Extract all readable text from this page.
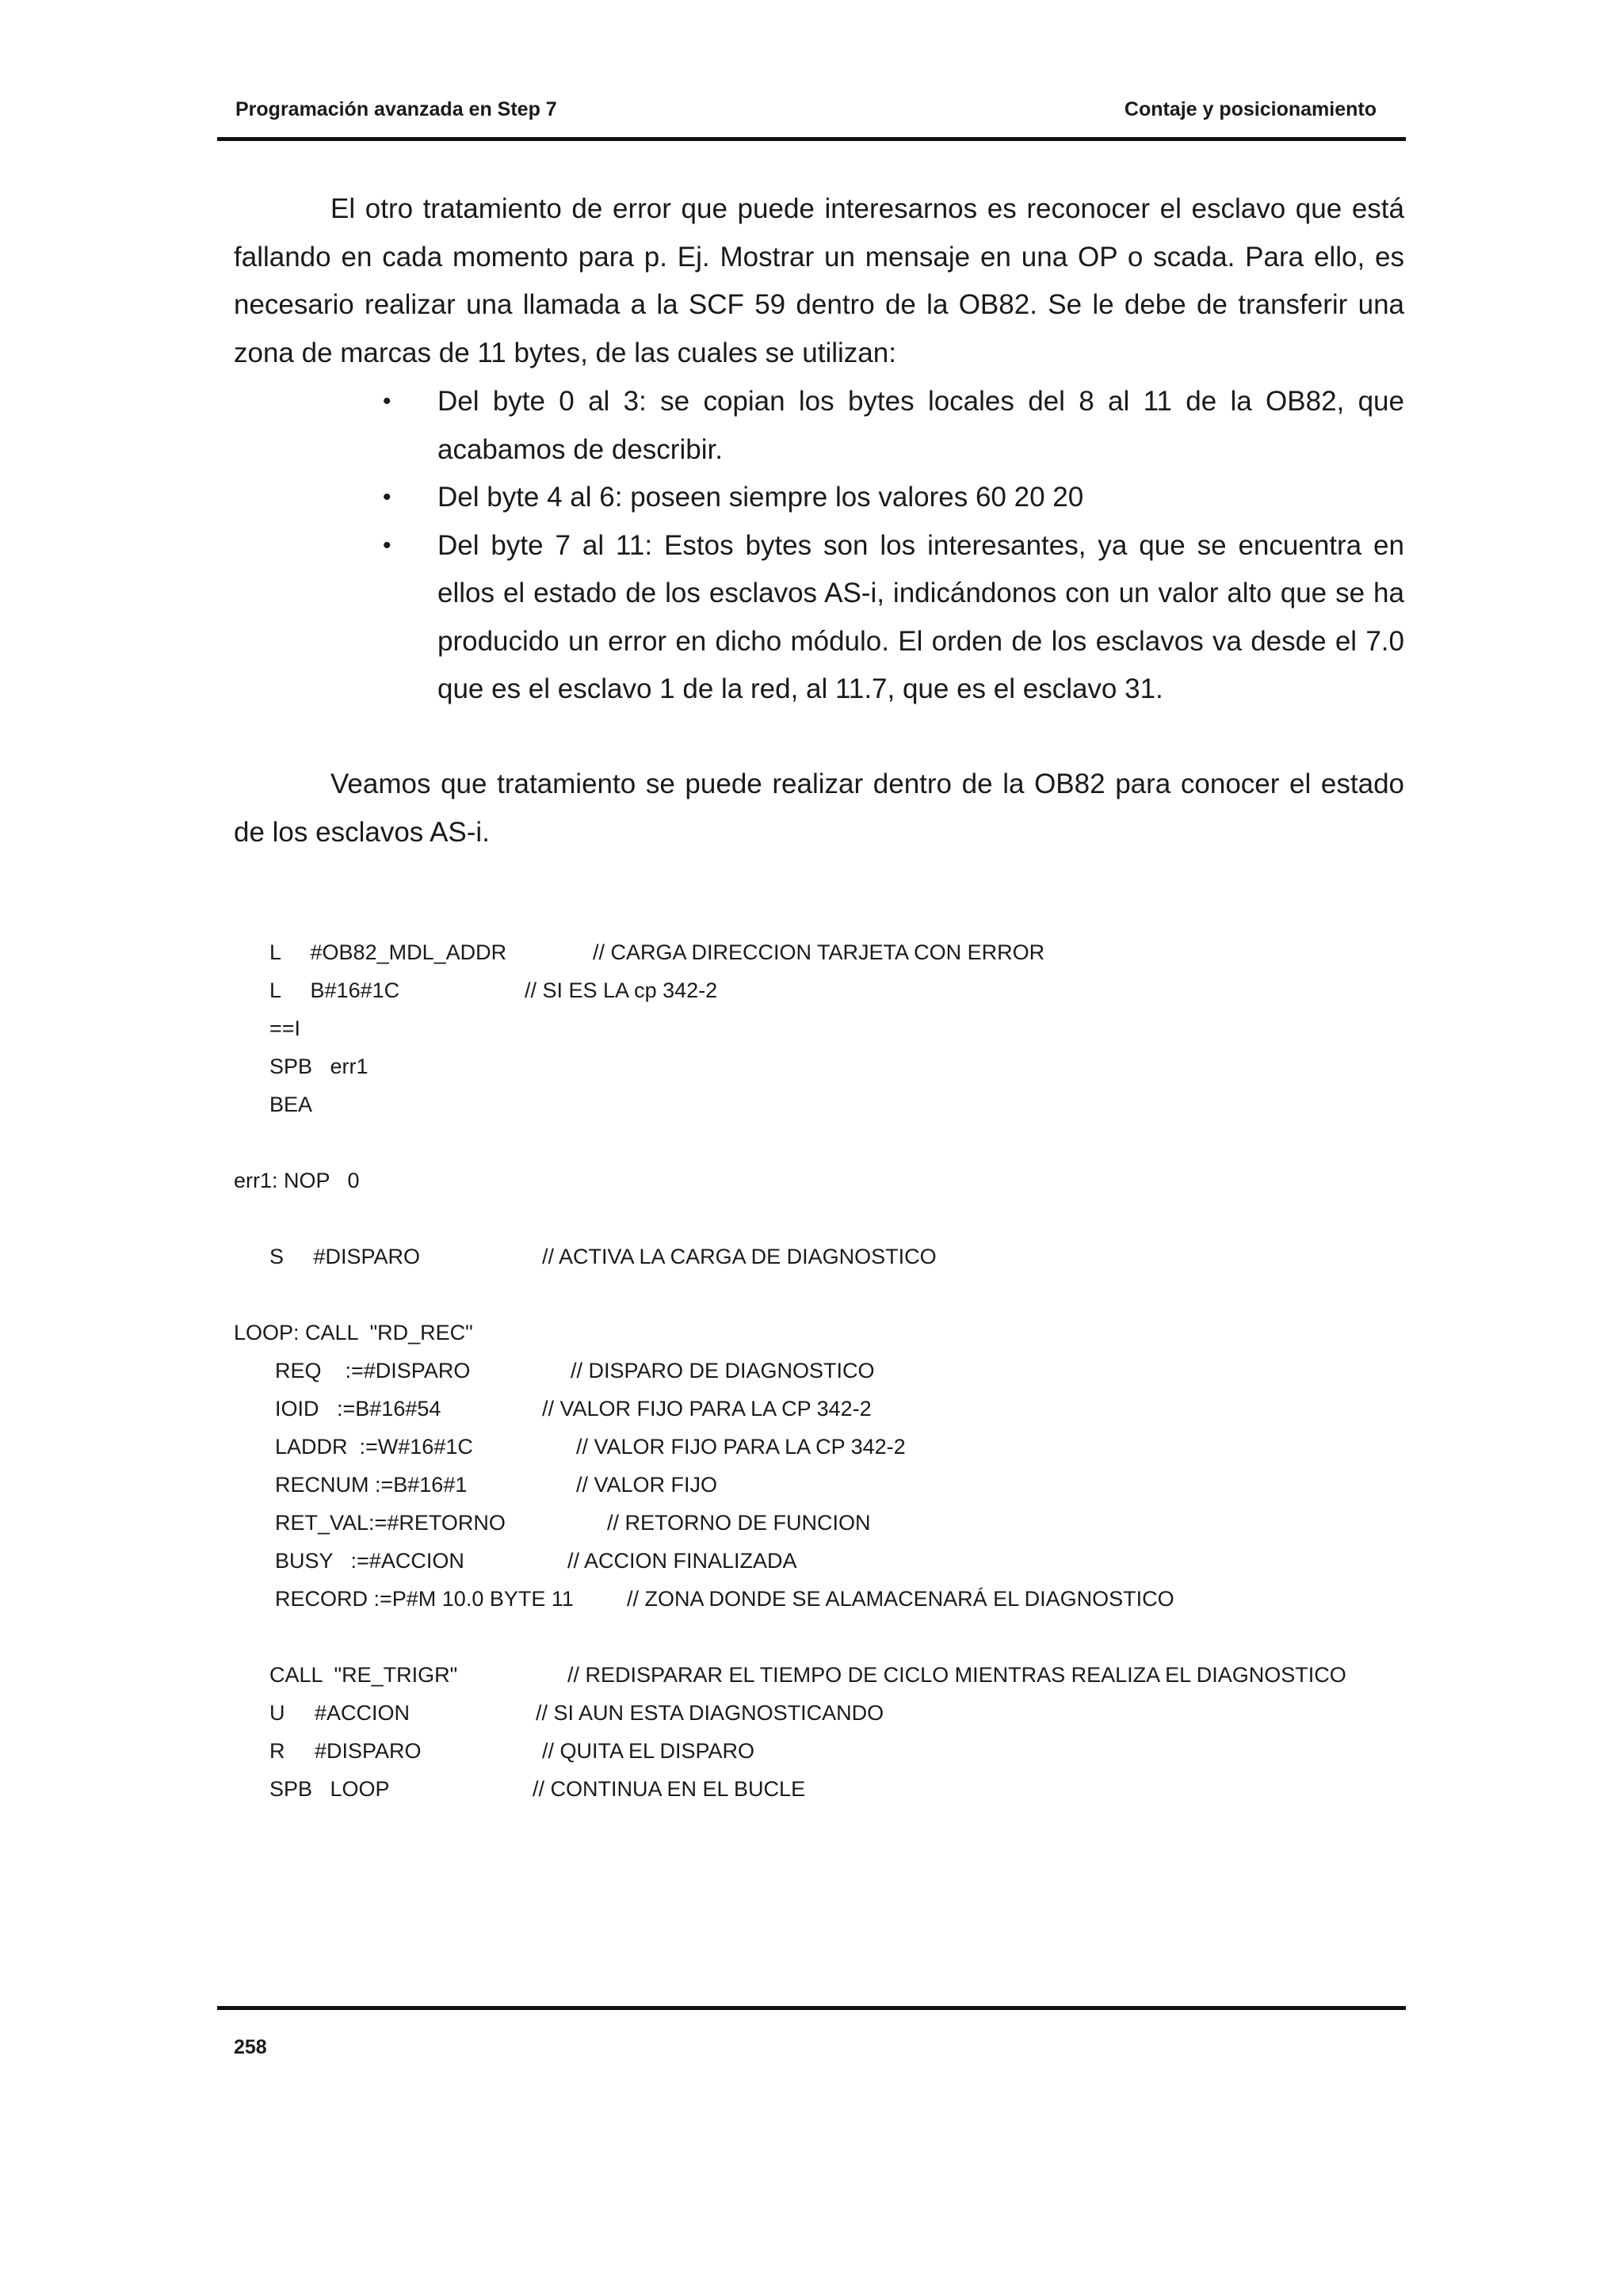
Programación avanzada en Step 7	Contaje y posicionamiento

El otro tratamiento de error que puede interesarnos es reconocer el esclavo que está fallando en cada momento para p. Ej. Mostrar un mensaje en una OP o scada. Para ello, es necesario realizar una llamada a la SCF 59 dentro de la OB82. Se le debe de transferir una zona de marcas de 11 bytes, de las cuales se utilizan:

• Del byte 0 al 3: se copian los bytes locales del 8 al 11 de la OB82, que acabamos de describir.
• Del byte 4 al 6: poseen siempre los valores 60 20 20
• Del byte 7 al 11: Estos bytes son los interesantes, ya que se encuentra en ellos el estado de los esclavos AS-i, indicándonos con un valor alto que se ha producido un error en dicho módulo. El orden de los esclavos va desde el 7.0 que es el esclavo 1 de la red, al 11.7, que es el esclavo 31.

Veamos que tratamiento se puede realizar dentro de la OB82 para conocer el estado de los esclavos AS-i.

L     #OB82_MDL_ADDR	// CARGA DIRECCION TARJETA CON ERROR
L     B#16#1C	// SI ES LA cp 342-2
==I
SPB   err1
BEA
err1: NOP   0
S     #DISPARO	// ACTIVA LA CARGA DE DIAGNOSTICO
LOOP: CALL  "RD_REC"
REQ    :=#DISPARO	// DISPARO DE DIAGNOSTICO
IOID   :=B#16#54	// VALOR FIJO PARA LA CP 342-2
LADDR  :=W#16#1C	// VALOR FIJO PARA LA CP 342-2
RECNUM :=B#16#1	// VALOR FIJO
RET_VAL:=#RETORNO	// RETORNO DE FUNCION
BUSY   :=#ACCION	// ACCION FINALIZADA
RECORD :=P#M 10.0 BYTE 11 // ZONA DONDE SE ALAMACENARÁ EL DIAGNOSTICO
CALL  "RE_TRIGR"	// REDISPARAR EL TIEMPO DE CICLO MIENTRAS REALIZA EL DIAGNOSTICO
U     #ACCION	// SI AUN ESTA DIAGNOSTICANDO
R     #DISPARO	// QUITA EL DISPARO
SPB   LOOP	// CONTINUA EN EL BUCLE
258
